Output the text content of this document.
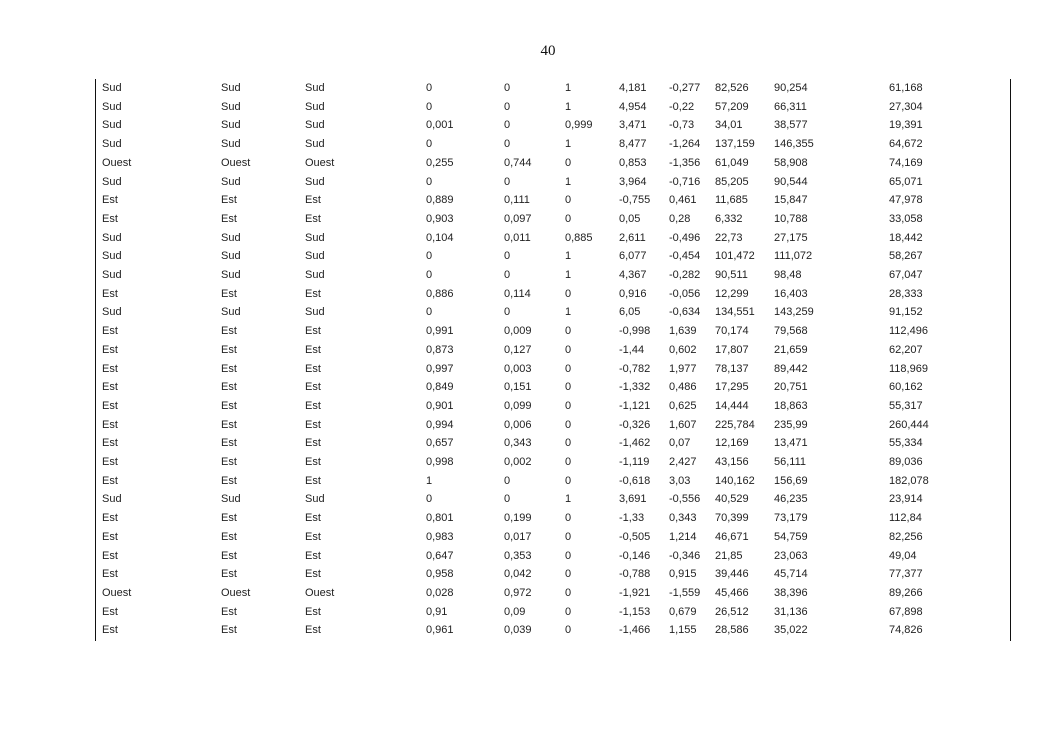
40
Sud	Sud	Sud	0	0	1	4,181	-0,277	82,526	90,254	61,168
Sud	Sud	Sud	0	0	1	4,954	-0,22	57,209	66,311	27,304
Sud	Sud	Sud	0,001	0	0,999	3,471	-0,73	34,01	38,577	19,391
Sud	Sud	Sud	0	0	1	8,477	-1,264	137,159	146,355	64,672
Ouest	Ouest	Ouest	0,255	0,744	0	0,853	-1,356	61,049	58,908	74,169
Sud	Sud	Sud	0	0	1	3,964	-0,716	85,205	90,544	65,071
Est	Est	Est	0,889	0,111	0	-0,755	0,461	11,685	15,847	47,978
Est	Est	Est	0,903	0,097	0	0,05	0,28	6,332	10,788	33,058
Sud	Sud	Sud	0,104	0,011	0,885	2,611	-0,496	22,73	27,175	18,442
Sud	Sud	Sud	0	0	1	6,077	-0,454	101,472	111,072	58,267
Sud	Sud	Sud	0	0	1	4,367	-0,282	90,511	98,48	67,047
Est	Est	Est	0,886	0,114	0	0,916	-0,056	12,299	16,403	28,333
Sud	Sud	Sud	0	0	1	6,05	-0,634	134,551	143,259	91,152
Est	Est	Est	0,991	0,009	0	-0,998	1,639	70,174	79,568	112,496
Est	Est	Est	0,873	0,127	0	-1,44	0,602	17,807	21,659	62,207
Est	Est	Est	0,997	0,003	0	-0,782	1,977	78,137	89,442	118,969
Est	Est	Est	0,849	0,151	0	-1,332	0,486	17,295	20,751	60,162
Est	Est	Est	0,901	0,099	0	-1,121	0,625	14,444	18,863	55,317
Est	Est	Est	0,994	0,006	0	-0,326	1,607	225,784	235,99	260,444
Est	Est	Est	0,657	0,343	0	-1,462	0,07	12,169	13,471	55,334
Est	Est	Est	0,998	0,002	0	-1,119	2,427	43,156	56,111	89,036
Est	Est	Est	1	0	0	-0,618	3,03	140,162	156,69	182,078
Sud	Sud	Sud	0	0	1	3,691	-0,556	40,529	46,235	23,914
Est	Est	Est	0,801	0,199	0	-1,33	0,343	70,399	73,179	112,84
Est	Est	Est	0,983	0,017	0	-0,505	1,214	46,671	54,759	82,256
Est	Est	Est	0,647	0,353	0	-0,146	-0,346	21,85	23,063	49,04
Est	Est	Est	0,958	0,042	0	-0,788	0,915	39,446	45,714	77,377
Ouest	Ouest	Ouest	0,028	0,972	0	-1,921	-1,559	45,466	38,396	89,266
Est	Est	Est	0,91	0,09	0	-1,153	0,679	26,512	31,136	67,898
Est	Est	Est	0,961	0,039	0	-1,466	1,155	28,586	35,022	74,826
